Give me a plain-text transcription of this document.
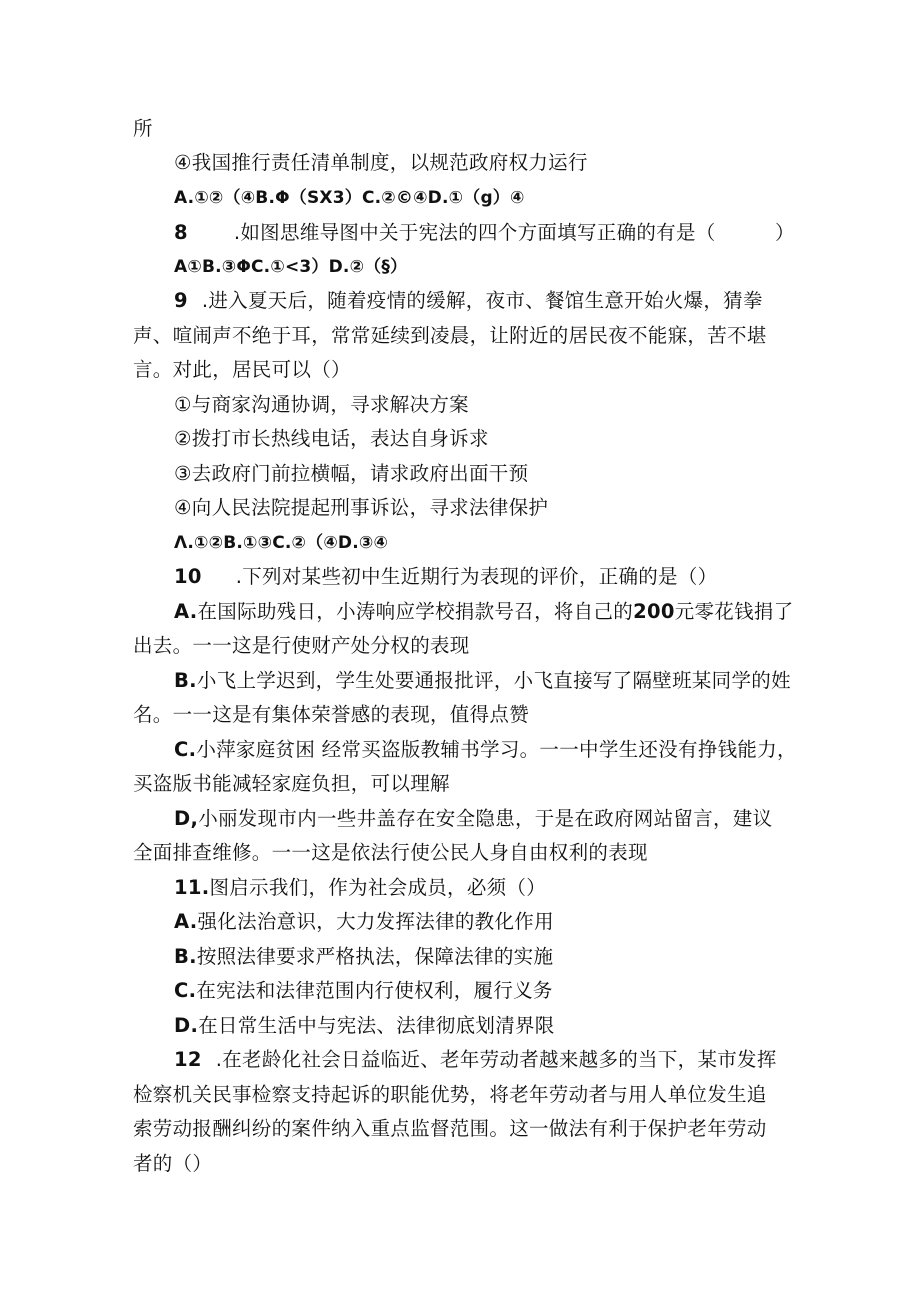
所
④我国推行责任清单制度，以规范政府权力运行
A.①②（④B.Φ（SX3）C.②©④D.①（g）④
8 .如图思维导图中关于宪法的四个方面填写正确的有是（　　　）
A①B.③ΦC.①<3）D.②（§）
9 .进入夏天后，随着疫情的缓解，夜市、餐馆生意开始火爆，猜拳
声、喧闹声不绝于耳，常常延续到凌晨，让附近的居民夜不能寐，苦不堪
言。对此，居民可以（）
①与商家沟通协调，寻求解决方案
②拨打市长热线电话，表达自身诉求
③去政府门前拉横幅，请求政府出面干预
④向人民法院提起刑事诉讼，寻求法律保护
Λ.①②B.①③C.②（④D.③④
10 .下列对某些初中生近期行为表现的评价，正确的是（）
A.在国际助残日，小涛响应学校捐款号召，将自己的200元零花钱捐了
出去。一一这是行使财产处分权的表现
B.小飞上学迟到，学生处要通报批评，小飞直接写了隔壁班某同学的姓
名。一一这是有集体荣誉感的表现，值得点赞
C.小萍家庭贫困 经常买盗版教辅书学习。一一中学生还没有挣钱能力，
买盗版书能减轻家庭负担，可以理解
D,小丽发现市内一些井盖存在安全隐患，于是在政府网站留言，建议
全面排查维修。一一这是依法行使公民人身自由权利的表现
11.图启示我们，作为社会成员，必须（）
A.强化法治意识，大力发挥法律的教化作用
B.按照法律要求严格执法，保障法律的实施
C.在宪法和法律范围内行使权利，履行义务
D.在日常生活中与宪法、法律彻底划清界限
12 .在老龄化社会日益临近、老年劳动者越来越多的当下，某市发挥
检察机关民事检察支持起诉的职能优势，将老年劳动者与用人单位发生追
索劳动报酬纠纷的案件纳入重点监督范围。这一做法有利于保护老年劳动
者的（）
